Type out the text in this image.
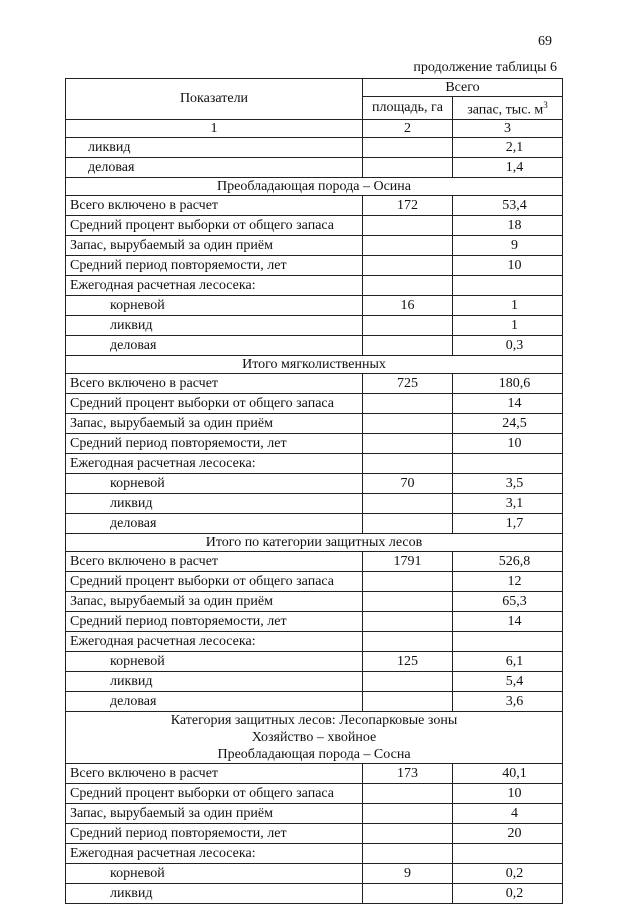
69
продолжение таблицы 6
Показатели	Всего	
	площадь, га	запас, тыс. $м^3$
1	2	3
ликвид		2,1
деловая		1,4
Преобладающая порода – Осина		
Всего включено в расчет	172	53,4
Средний процент выборки от общего запаса		18
Запас, вырубаемый за один приём		9
Средний период повторяемости, лет		10
Ежегодная расчетная лесосека:		
корневой	16	1
ликвид		1
деловая		0,3
Итого мягколиственных		
Всего включено в расчет	725	180,6
Средний процент выборки от общего запаса		14
Запас, вырубаемый за один приём		24,5
Средний период повторяемости, лет		10
Ежегодная расчетная лесосека:		
корневой	70	3,5
ликвид		3,1
деловая		1,7
Итого по категории защитных лесов		
Всего включено в расчет	1791	526,8
Средний процент выборки от общего запаса		12
Запас, вырубаемый за один приём		65,3
Средний период повторяемости, лет		14
Ежегодная расчетная лесосека:		
корневой	125	6,1
ликвид		5,4
деловая		3,6

Категория защитных лесов: Лесопарковые зоны
Хозяйство – хвойное
Преобладающая порода – Сосна		

Всего включено в расчет	173	40,1
Средний процент выборки от общего запаса		10
Запас, вырубаемый за один приём		4
Средний период повторяемости, лет		20
Ежегодная расчетная лесосека:		
корневой	9	0,2
ликвид		0,2
